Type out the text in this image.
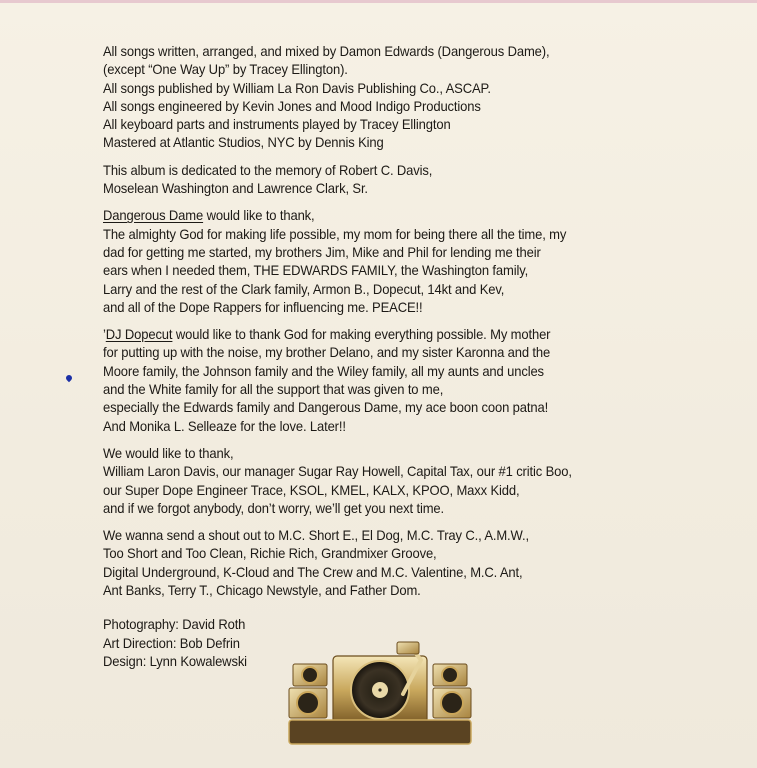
All songs written, arranged, and mixed by Damon Edwards (Dangerous Dame),
(except “One Way Up” by Tracey Ellington).
All songs published by William La Ron Davis Publishing Co., ASCAP.
All songs engineered by Kevin Jones and Mood Indigo Productions
All keyboard parts and instruments played by Tracey Ellington
Mastered at Atlantic Studios, NYC by Dennis King
This album is dedicated to the memory of Robert C. Davis,
Moselean Washington and Lawrence Clark, Sr.
Dangerous Dame would like to thank,
The almighty God for making life possible, my mom for being there all the time, my
dad for getting me started, my brothers Jim, Mike and Phil for lending me their
ears when I needed them, THE EDWARDS FAMILY, the Washington family,
Larry and the rest of the Clark family, Armon B., Dopecut, 14kt and Kev,
and all of the Dope Rappers for influencing me. PEACE!!
’DJ Dopecut would like to thank God for making everything possible. My mother
for putting up with the noise, my brother Delano, and my sister Karonna and the
Moore family, the Johnson family and the Wiley family, all my aunts and uncles
and the White family for all the support that was given to me,
especially the Edwards family and Dangerous Dame, my ace boon coon patna!
And Monika L. Selleaze for the love. Later!!
We would like to thank,
William Laron Davis, our manager Sugar Ray Howell, Capital Tax, our #1 critic Boo,
our Super Dope Engineer Trace, KSOL, KMEL, KALX, KPOO, Maxx Kidd,
and if we forgot anybody, don’t worry, we’ll get you next time.
We wanna send a shout out to M.C. Short E., El Dog, M.C. Tray C., A.M.W.,
Too Short and Too Clean, Richie Rich, Grandmixer Groove,
Digital Underground, K-Cloud and The Crew and M.C. Valentine, M.C. Ant,
Ant Banks, Terry T., Chicago Newstyle, and Father Dom.
Photography: David Roth
Art Direction: Bob Defrin
Design: Lynn Kowalewski
